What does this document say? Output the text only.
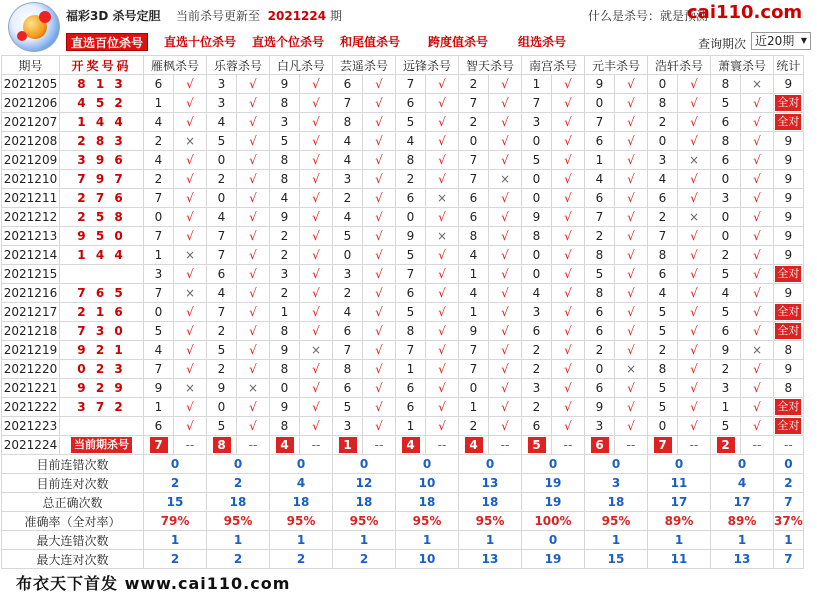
福彩3D 杀号定胆 当前杀号更新至 2021224 期	什么是杀号：就是预测
cai110.com
直选百位杀号	直选十位杀号 直选个位杀号 和尾值杀号 跨度值杀号 组选杀号	查询期次 近20期 ▼
期号	开奖号码	雁枫杀号		乐蓉杀号		白凡杀号		芸遥杀号		远锋杀号		智天杀号		南宫杀号		元丰杀号		浩轩杀号		萧寰杀号		统计
2021205	8 1 3	6	√	3	√	9	√	6	√	7	√	2	√	1	√	9	√	0	√	8	×	9
2021206	4 5 2	1	√	3	√	8	√	7	√	6	√	7	√	7	√	0	√	8	√	5	√	全对
2021207	1 4 4	4	√	4	√	3	√	8	√	5	√	2	√	3	√	7	√	2	√	6	√	全对
2021208	2 8 3	2	×	5	√	5	√	4	√	4	√	0	√	0	√	6	√	0	√	8	√	9
2021209	3 9 6	4	√	0	√	8	√	4	√	8	√	7	√	5	√	1	√	3	×	6	√	9
2021210	7 9 7	2	√	2	√	8	√	3	√	2	√	7	×	0	√	4	√	4	√	0	√	9
2021211	2 7 6	7	√	0	√	4	√	2	√	6	×	6	√	0	√	6	√	6	√	3	√	9
2021212	2 5 8	0	√	4	√	9	√	4	√	0	√	6	√	9	√	7	√	2	×	0	√	9
2021213	9 5 0	7	√	7	√	2	√	5	√	9	×	8	√	8	√	2	√	7	√	0	√	9
2021214	1 4 4	1	×	7	√	2	√	0	√	5	√	4	√	0	√	8	√	8	√	2	√	9
2021215		3	√	6	√	3	√	3	√	7	√	1	√	0	√	5	√	6	√	5	√	全对
2021216	7 6 5	7	×	4	√	2	√	2	√	6	√	4	√	4	√	8	√	4	√	4	√	9
2021217	2 1 6	0	√	7	√	1	√	4	√	5	√	1	√	3	√	6	√	5	√	5	√	全对
2021218	7 3 0	5	√	2	√	8	√	6	√	8	√	9	√	6	√	6	√	5	√	6	√	全对
2021219	9 2 1	4	√	5	√	9	×	7	√	7	√	7	√	2	√	2	√	2	√	9	×	8
2021220	0 2 3	7	√	2	√	8	√	8	√	1	√	7	√	2	√	0	×	8	√	2	√	9
2021221	9 2 9	9	×	9	×	0	√	6	√	6	√	0	√	3	√	6	√	5	√	3	√	8
2021222	3 7 2	1	√	0	√	9	√	5	√	6	√	1	√	2	√	9	√	5	√	1	√	全对
2021223		6	√	5	√	8	√	3	√	1	√	2	√	6	√	3	√	0	√	5	√	全对
2021224	当前期杀号	7	--	8	--	4	--	1	--	4	--	4	--	5	--	6	--	7	--	2	--	--
目前连错次数		0		0		0		0		0		0		0		0		0		0		0
目前连对次数		2		2		4		12		10		13		19		3		11		4		2
总正确次数		15		18		18		18		18		18		19		18		17		17		7
准确率（全对率）		79%		95%		95%		95%		95%		95%		100%		95%		89%		89%		37%
最大连错次数		1		1		1		1		1		1		0		1		1		1		1
最大连对次数		2		2		2		2		10		13		19		15		11		13		7
布衣天下首发 www.cai110.com
